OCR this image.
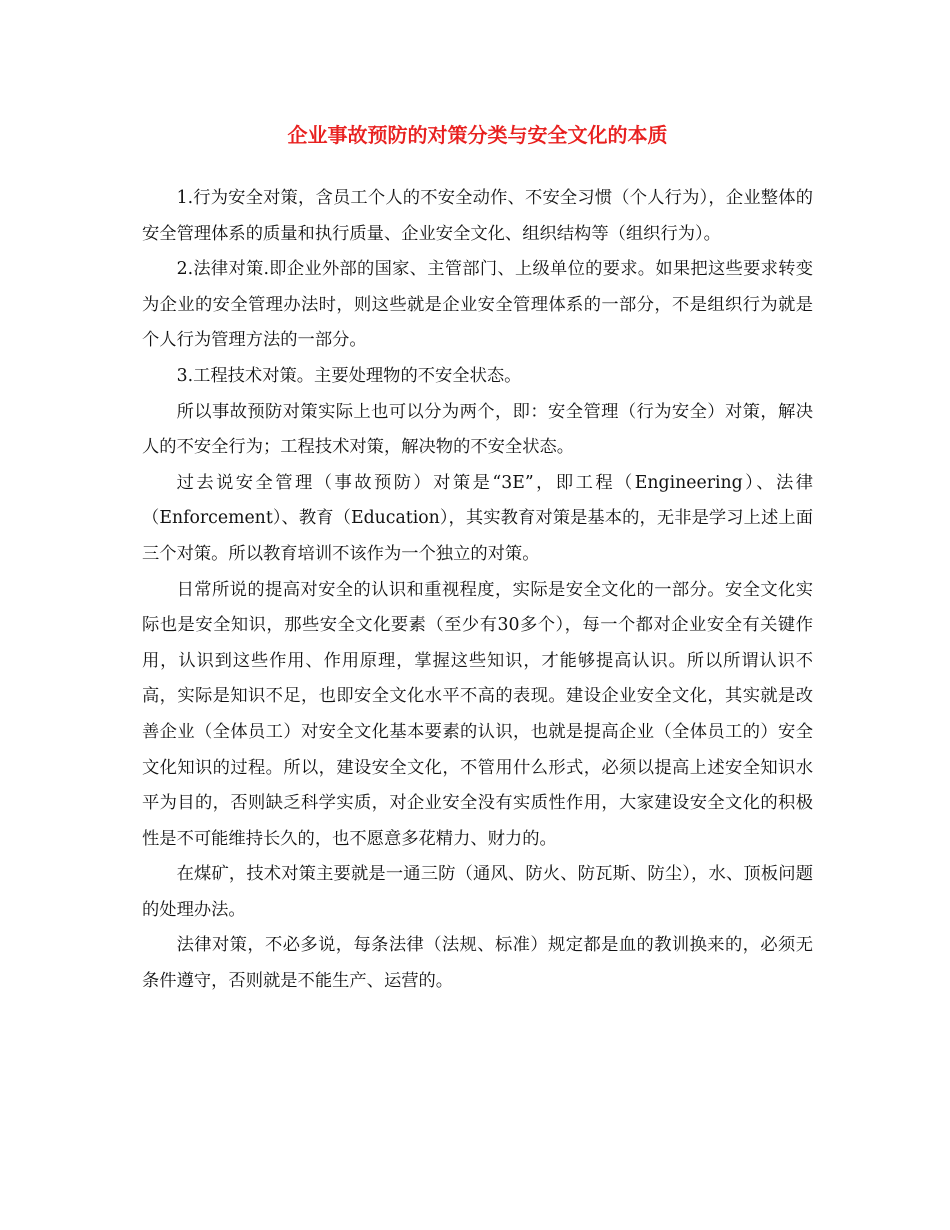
企业事故预防的对策分类与安全文化的本质

1.行为安全对策，含员工个人的不安全动作、不安全习惯（个人行为），企业整体的安全管理体系的质量和执行质量、企业安全文化、组织结构等（组织行为）。

2.法律对策.即企业外部的国家、主管部门、上级单位的要求。如果把这些要求转变为企业的安全管理办法时，则这些就是企业安全管理体系的一部分，不是组织行为就是个人行为管理方法的一部分。

3.工程技术对策。主要处理物的不安全状态。

所以事故预防对策实际上也可以分为两个，即：安全管理（行为安全）对策，解决人的不安全行为；工程技术对策，解决物的不安全状态。

过去说安全管理（事故预防）对策是“3E”，即工程（Engineering）、法律（Enforcement）、教育（Education），其实教育对策是基本的，无非是学习上述上面三个对策。所以教育培训不该作为一个独立的对策。

日常所说的提高对安全的认识和重视程度，实际是安全文化的一部分。安全文化实际也是安全知识，那些安全文化要素（至少有30多个），每一个都对企业安全有关键作用，认识到这些作用、作用原理，掌握这些知识，才能够提高认识。所以所谓认识不高，实际是知识不足，也即安全文化水平不高的表现。建设企业安全文化，其实就是改善企业（全体员工）对安全文化基本要素的认识，也就是提高企业（全体员工的）安全文化知识的过程。所以，建设安全文化，不管用什么形式，必须以提高上述安全知识水平为目的，否则缺乏科学实质，对企业安全没有实质性作用，大家建设安全文化的积极性是不可能维持长久的，也不愿意多花精力、财力的。

在煤矿，技术对策主要就是一通三防（通风、防火、防瓦斯、防尘），水、顶板问题的处理办法。

法律对策，不必多说，每条法律（法规、标准）规定都是血的教训换来的，必须无条件遵守，否则就是不能生产、运营的。
